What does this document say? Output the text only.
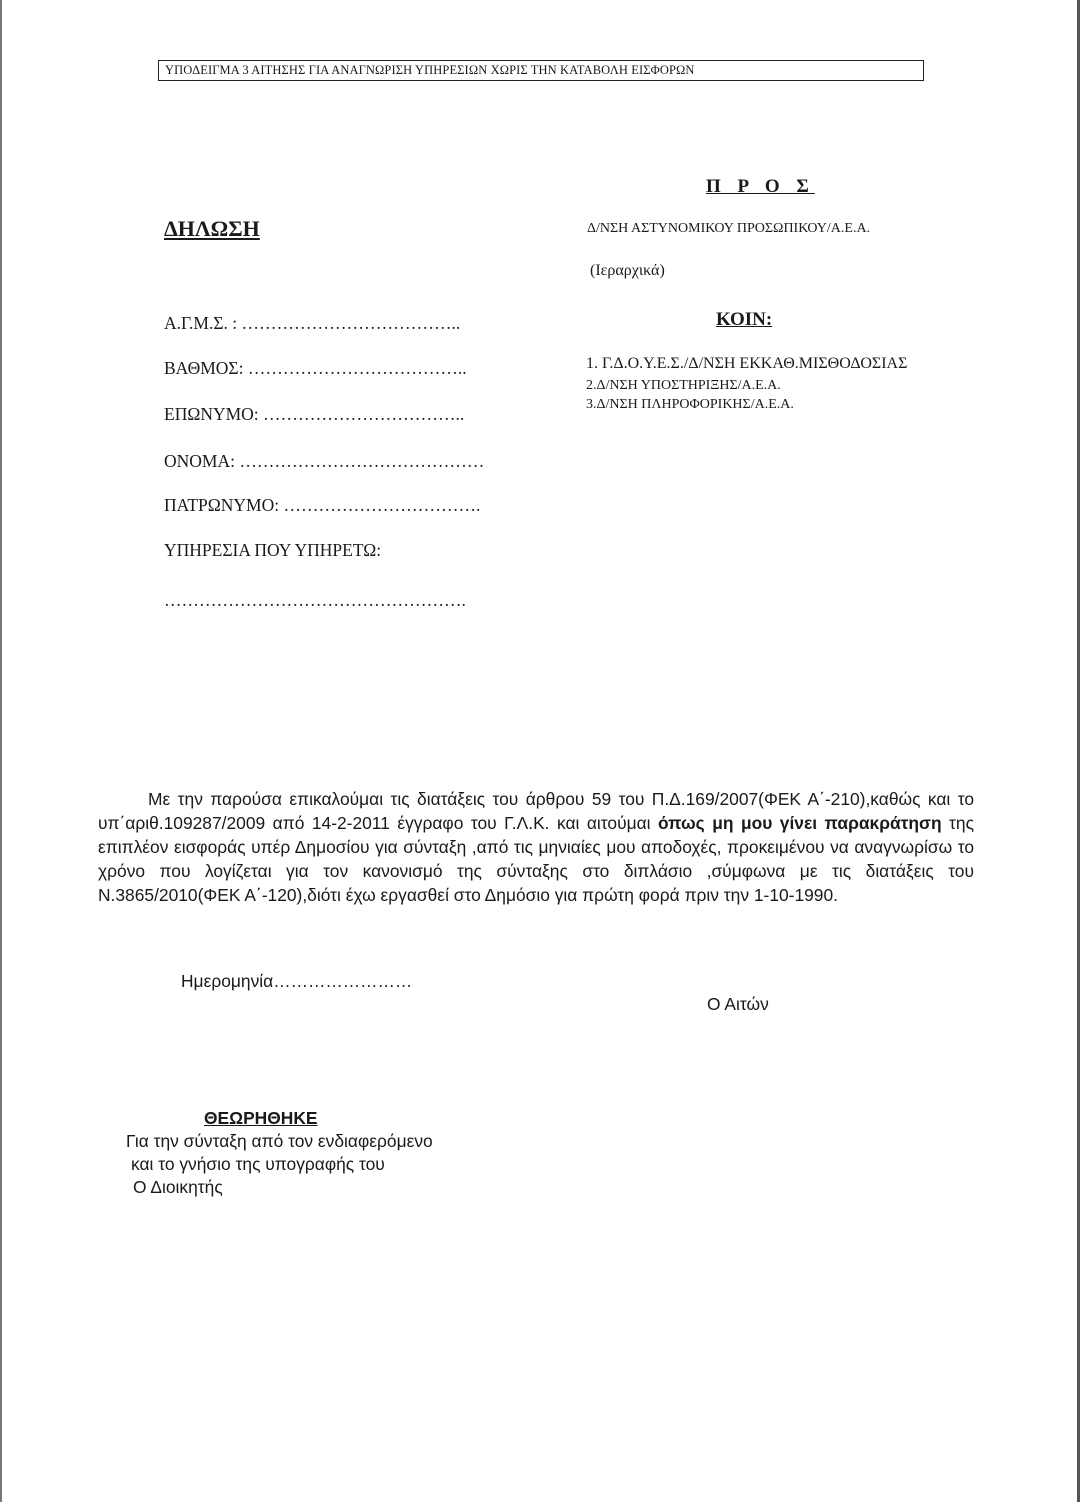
ΥΠΟΔΕΙΓΜΑ 3 ΑΙΤΗΣΗΣ ΓΙΑ ΑΝΑΓΝΩΡΙΣΗ ΥΠΗΡΕΣΙΩΝ ΧΩΡΙΣ ΤΗΝ ΚΑΤΑΒΟΛΗ ΕΙΣΦΟΡΩΝ
ΔΗΛΩΣΗ
Α.Γ.Μ.Σ. : ………………………………..
ΒΑΘΜΟΣ: ………………………………..
ΕΠΩΝΥΜΟ: ……………………………..
ΟΝΟΜΑ: ……………………………………
ΠΑΤΡΩΝΥΜΟ: …………………………….
ΥΠΗΡΕΣΙΑ ΠΟΥ ΥΠΗΡΕΤΩ:
…………………………………………….
Π Ρ Ο Σ
Δ/ΝΣΗ ΑΣΤΥΝΟΜΙΚΟΥ ΠΡΟΣΩΠΙΚΟΥ/Α.Ε.Α.
(Ιεραρχικά)
ΚΟΙΝ:
1. Γ.Δ.Ο.Υ.Ε.Σ./Δ/ΝΣΗ ΕΚΚΑΘ.ΜΙΣΘΟΔΟΣΙΑΣ
2.Δ/ΝΣΗ ΥΠΟΣΤΗΡΙΞΗΣ/Α.Ε.Α.
3.Δ/ΝΣΗ ΠΛΗΡΟΦΟΡΙΚΗΣ/Α.Ε.Α.
Με την παρούσα επικαλούμαι τις διατάξεις του άρθρου 59 του Π.Δ.169/2007(ΦΕΚ Α΄-210),καθώς και το υπ΄αριθ.109287/2009 από 14-2-2011 έγγραφο του Γ.Λ.Κ. και αιτούμαι όπως μη μου γίνει παρακράτηση της επιπλέον εισφοράς υπέρ Δημοσίου για σύνταξη ,από τις μηνιαίες μου αποδοχές, προκειμένου να αναγνωρίσω το χρόνο που λογίζεται για τον κανονισμό της σύνταξης στο διπλάσιο ,σύμφωνα με τις διατάξεις του Ν.3865/2010(ΦΕΚ Α΄-120),διότι έχω εργασθεί στο Δημόσιο για πρώτη φορά πριν την 1-10-1990.
Ημερομηνία……………………
Ο Αιτών
ΘΕΩΡΗΘΗΚΕ
Για την σύνταξη από τον ενδιαφερόμενο
και το γνήσιο της υπογραφής του
Ο Διοικητής
